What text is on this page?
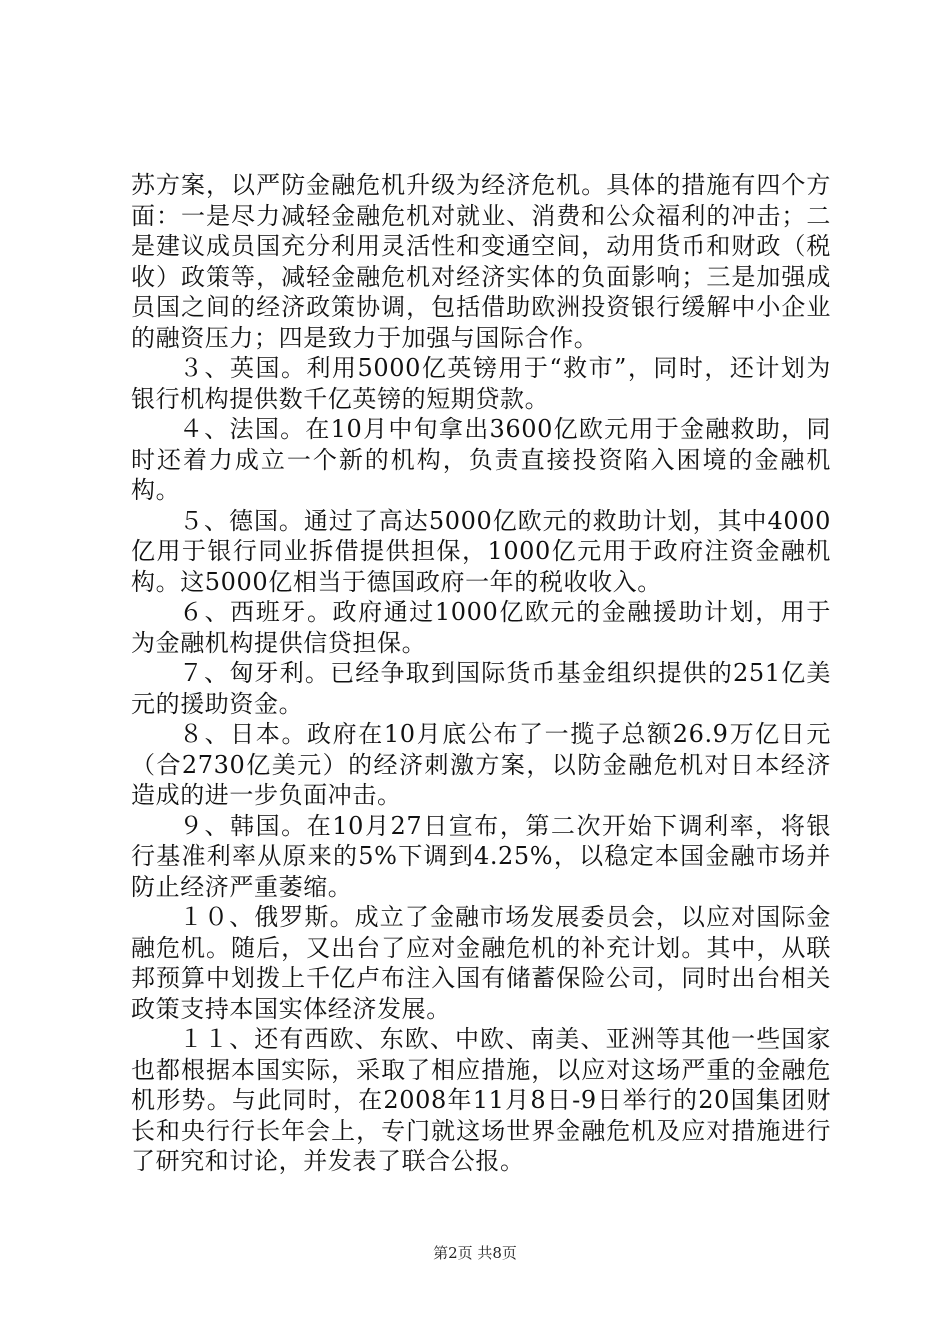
苏方案，以严防金融危机升级为经济危机。具体的措施有四个方面：一是尽力减轻金融危机对就业、消费和公众福利的冲击；二是建议成员国充分利用灵活性和变通空间，动用货币和财政（税收）政策等，减轻金融危机对经济实体的负面影响；三是加强成员国之间的经济政策协调，包括借助欧洲投资银行缓解中小企业的融资压力；四是致力于加强与国际合作。

３、英国。利用5000亿英镑用于“救市”，同时，还计划为银行机构提供数千亿英镑的短期贷款。

４、法国。在10月中旬拿出3600亿欧元用于金融救助，同时还着力成立一个新的机构，负责直接投资陷入困境的金融机构。

５、德国。通过了高达5000亿欧元的救助计划，其中4000亿用于银行同业拆借提供担保，1000亿元用于政府注资金融机构。这5000亿相当于德国政府一年的税收收入。

６、西班牙。政府通过1000亿欧元的金融援助计划，用于为金融机构提供信贷担保。

７、匈牙利。已经争取到国际货币基金组织提供的251亿美元的援助资金。

８、日本。政府在10月底公布了一揽子总额26.9万亿日元（合2730亿美元）的经济刺激方案，以防金融危机对日本经济造成的进一步负面冲击。

９、韩国。在10月27日宣布，第二次开始下调利率，将银行基准利率从原来的5%下调到4.25%，以稳定本国金融市场并防止经济严重萎缩。

１０、俄罗斯。成立了金融市场发展委员会，以应对国际金融危机。随后，又出台了应对金融危机的补充计划。其中，从联邦预算中划拨上千亿卢布注入国有储蓄保险公司，同时出台相关政策支持本国实体经济发展。

１１、还有西欧、东欧、中欧、南美、亚洲等其他一些国家也都根据本国实际，采取了相应措施，以应对这场严重的金融危机形势。与此同时，在2008年11月8日-9日举行的20国集团财长和央行行长年会上，专门就这场世界金融危机及应对措施进行了研究和讨论，并发表了联合公报。

第2页 共8页
